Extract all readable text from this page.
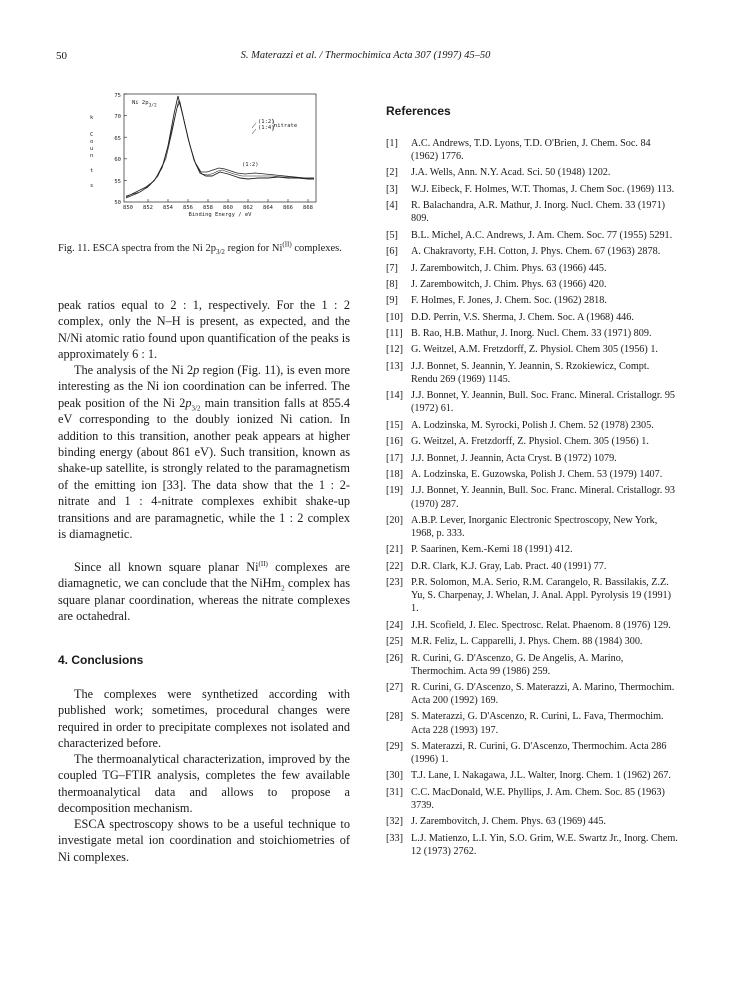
50	S. Materazzi et al. / Thermochimica Acta 307 (1997) 45–50
k
C
o
u
n
t
s
75
70
65
60
55
50
850 852 854 856 858 860 862 864 866 868
Binding Energy / eV
Ni $2p_{3/2}$
(1:2)
(1:4) nitrate
(1:2)

Fig. 11. ESCA spectra from the Ni $2p_{3/2}$ region for $Ni^{(II)}$ complexes.

peak ratios equal to 2 : 1, respectively. For the 1 : 2 complex, only the N–H is present, as expected, and the N/Ni atomic ratio found upon quantification of the peaks is approximately 6 : 1.

The analysis of the Ni 2p region (Fig. 11), is even more interesting as the Ni ion coordination can be inferred. The peak position of the Ni $2p_{3/2}$ main transition falls at 855.4 eV corresponding to the doubly ionized Ni cation. In addition to this transition, another peak appears at higher binding energy (about 861 eV). Such transition, known as shake-up satellite, is strongly related to the paramagnetism of the emitting ion [33]. The data show that the 1 : 2-nitrate and 1 : 4-nitrate complexes exhibit shake-up transitions and are paramagnetic, while the 1 : 2 complex is diamagnetic.

Since all known square planar $Ni^{(II)}$ complexes are diamagnetic, we can conclude that the NiHm$_2$ complex has square planar coordination, whereas the nitrate complexes are octahedral.

4. Conclusions

The complexes were synthetized according with published work; sometimes, procedural changes were required in order to precipitate complexes not isolated and characterized before.

The thermoanalytical characterization, improved by the coupled TG–FTIR analysis, completes the few available thermoanalytical data and allows to propose a decomposition mechanism.

ESCA spectroscopy shows to be a useful technique to investigate metal ion coordination and stoichiometries of Ni complexes.

References
[1]	A.C. Andrews, T.D. Lyons, T.D. O'Brien, J. Chem. Soc. 84 (1962) 1776.
[2]	J.A. Wells, Ann. N.Y. Acad. Sci. 50 (1948) 1202.
[3]	W.J. Eibeck, F. Holmes, W.T. Thomas, J. Chem Soc. (1969) 113.
[4]	R. Balachandra, A.R. Mathur, J. Inorg. Nucl. Chem. 33 (1971) 809.
[5]	B.L. Michel, A.C. Andrews, J. Am. Chem. Soc. 77 (1955) 5291.
[6]	A. Chakravorty, F.H. Cotton, J. Phys. Chem. 67 (1963) 2878.
[7]	J. Zarembowitch, J. Chim. Phys. 63 (1966) 445.
[8]	J. Zarembowitch, J. Chim. Phys. 63 (1966) 420.
[9]	F. Holmes, F. Jones, J. Chem. Soc. (1962) 2818.
[10] D.D. Perrin, V.S. Sherma, J. Chem. Soc. A (1968) 446.
[11] B. Rao, H.B. Mathur, J. Inorg. Nucl. Chem. 33 (1971) 809.
[12] G. Weitzel, A.M. Fretzdorff, Z. Physiol. Chem 305 (1956) 1.
[13] J.J. Bonnet, S. Jeannin, Y. Jeannin, S. Rzokiewicz, Compt. Rendu 269 (1969) 1145.
[14] J.J. Bonnet, Y. Jeannin, Bull. Soc. Franc. Mineral. Cristallogr. 95 (1972) 61.
[15] A. Lodzinska, M. Syrocki, Polish J. Chem. 52 (1978) 2305.
[16] G. Weitzel, A. Fretzdorff, Z. Physiol. Chem. 305 (1956) 1.
[17] J.J. Bonnet, J. Jeannin, Acta Cryst. B (1972) 1079.
[18] A. Lodzinska, E. Guzowska, Polish J. Chem. 53 (1979) 1407.
[19] J.J. Bonnet, Y. Jeannin, Bull. Soc. Franc. Mineral. Cristallogr. 93 (1970) 287.
[20] A.B.P. Lever, Inorganic Electronic Spectroscopy, New York, 1968, p. 333.
[21] P. Saarinen, Kem.-Kemi 18 (1991) 412.
[22] D.R. Clark, K.J. Gray, Lab. Pract. 40 (1991) 77.
[23] P.R. Solomon, M.A. Serio, R.M. Carangelo, R. Bassilakis, Z.Z. Yu, S. Charpenay, J. Whelan, J. Anal. Appl. Pyrolysis 19 (1991) 1.
[24] J.H. Scofield, J. Elec. Spectrosc. Relat. Phaenom. 8 (1976) 129.
[25] M.R. Feliz, L. Capparelli, J. Phys. Chem. 88 (1984) 300.
[26] R. Curini, G. D'Ascenzo, G. De Angelis, A. Marino, Thermochim. Acta 99 (1986) 259.
[27] R. Curini, G. D'Ascenzo, S. Materazzi, A. Marino, Thermochim. Acta 200 (1992) 169.
[28] S. Materazzi, G. D'Ascenzo, R. Curini, L. Fava, Thermochim. Acta 228 (1993) 197.
[29] S. Materazzi, R. Curini, G. D'Ascenzo, Thermochim. Acta 286 (1996) 1.
[30] T.J. Lane, I. Nakagawa, J.L. Walter, Inorg. Chem. 1 (1962) 267.
[31] C.C. MacDonald, W.E. Phyllips, J. Am. Chem. Soc. 85 (1963) 3739.
[32] J. Zarembovitch, J. Chem. Phys. 63 (1969) 445.
[33] L.J. Matienzo, L.I. Yin, S.O. Grim, W.E. Swartz Jr., Inorg. Chem. 12 (1973) 2762.
